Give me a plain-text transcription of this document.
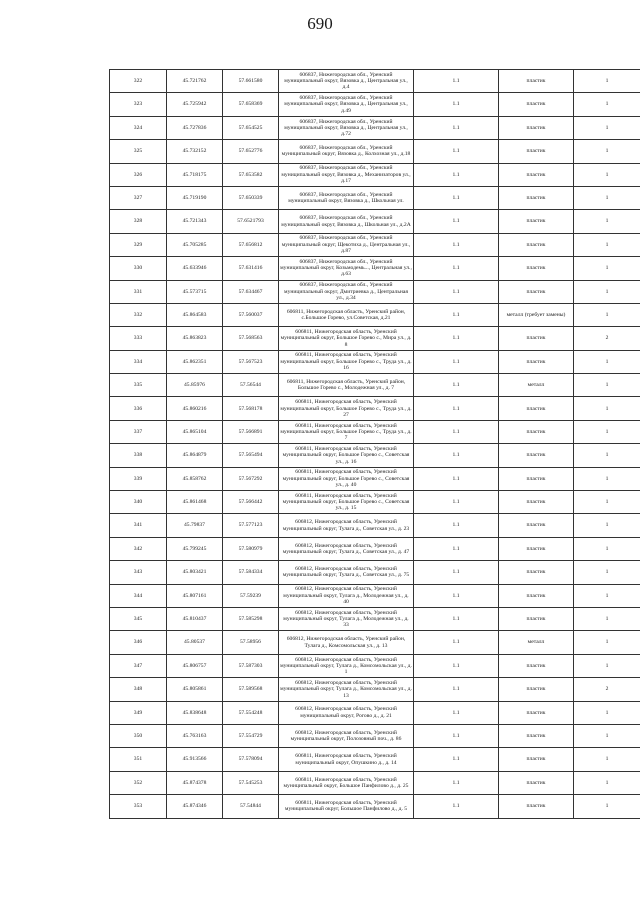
690
322	45.721762	57.661580	606837, Нижегородская обл., Уренский муниципальный округ, Вязовка д., Центральная ул., д.4	1.1	пластик	1
323	45.725942	57.658369	606837, Нижегородская обл., Уренский муниципальный округ, Вязовка д., Центральная ул., д.49	1.1	пластик	1
324	45.727836	57.654525	606837, Нижегородская обл., Уренский муниципальный округ, Вязовка д., Центральная ул., д.72	1.1	пластик	1
325	45.732152	57.652776	606837, Нижегородская обл., Уренский муниципальный округ, Вязовка д., Колхозная ул., д.18	1.1	пластик	1
326	45.718175	57.653582	606837, Нижегородская обл., Уренский муниципальный округ, Вязовка д., Механизаторов ул., д.17	1.1	пластик	1
327	45.719190	57.650339	606837, Нижегородская обл., Уренский муниципальный округ, Вязовка д., Школьная ул.	1.1	пластик	1
328	45.721343	57.6521793	606837, Нижегородская обл., Уренский муниципальный округ, Вязовка д., Школьная ул., д.2А	1.1	пластик	1
329	45.705285	57.656812	606837, Нижегородская обл., Уренский муниципальный округ, Щекотиха д., Центральная ул., д.87	1.1	пластик	1
330	45.633946	57.631416	606837, Нижегородская обл., Уренский муниципальный округ, Козьмодемь..., Центральная ул., д.63	1.1	пластик	1
331	45.573715	57.634467	606837, Нижегородская обл., Уренский муниципальный округ, Дмитриевка д., Центральная ул., д.34	1.1	пластик	1
332	45.864583	57.560037	606811, Нижегородская область, Уренский район, с.Большое Горево, ул.Советская, д.21	1.1	металл (требует замены)	1
333	45.863823	57.568563	606811, Нижегородская область, Уренский муниципальный округ, Большое Горево с., Мира ул., д. 8	1.1	пластик	2
334	45.862351	57.567523	606811, Нижегородская область, Уренский муниципальный округ, Большое Горево с., Труда ул., д. 16	1.1	пластик	1
335	45.85976	57.56544	606811, Нижегородская область, Уренский район, Большое Горево с., Молодежная ул., д. 7	1.1	металл	1
336	45.860216	57.568178	606811, Нижегородская область, Уренский муниципальный округ, Большое Горево с., Труда ул., д. 27	1.1	пластик	1
337	45.865104	57.566891	606811, Нижегородская область, Уренский муниципальный округ, Большое Горево с., Труда ул., д. 7	1.1	пластик	1
338	45.864879	57.565494	606811, Нижегородская область, Уренский муниципальный округ, Большое Горево с., Советская ул., д. 16	1.1	пластик	1
339	45.858762	57.567292	606811, Нижегородская область, Уренский муниципальный округ, Большое Горево с., Советская ул., д. 40	1.1	пластик	1
340	45.861468	57.566442	606811, Нижегородская область, Уренский муниципальный округ, Большое Горево с., Советская ул., д. 15	1.1	пластик	1
341	45.79837	57.577123	606812, Нижегородская область, Уренский муниципальный округ, Тулага д., Советская ул., д. 23	1.1	пластик	1
342	45.799245	57.580979	606812, Нижегородская область, Уренский муниципальный округ, Тулага д., Советская ул., д. 47	1.1	пластик	1
343	45.803421	57.584334	606812, Нижегородская область, Уренский муниципальный округ, Тулага д., Советская ул., д. 75	1.1	пластик	1
344	45.807161	57.59239	606812, Нижегородская область, Уренский муниципальный округ, Тулага д., Молодежная ул., д. 40	1.1	пластик	1
345	45.810437	57.585298	606812, Нижегородская область, Уренский муниципальный округ, Тулага д., Молодежная ул., д. 33	1.1	пластик	1
346	45.80537	57.58956	606812, Нижегородская область, Уренский район, Тулага д., Комсомольская ул., д. 13	1.1	металл	1
347	45.806757	57.587303	606812, Нижегородская область, Уренский муниципальный округ, Тулага д., Комсомольская ул., д. 1	1.1	пластик	1
348	45.805861	57.589568	606812, Нижегородская область, Уренский муниципальный округ, Тулага д., Комсомольская ул., д. 13	1.1	пластик	2
349	45.838648	57.554248	606812, Нижегородская область, Уренский муниципальный округ, Рогово д., д. 21	1.1	пластик	1
350	45.763163	57.554729	606812, Нижегородская область, Уренский муниципальный округ, Полозовный поч., д. 86	1.1	пластик	1
351	45.913566	57.578094	606811, Нижегородская область, Уренский муниципальный округ, Опушкино д., д. 14	1.1	пластик	1
352	45.874378	57.545253	606811, Нижегородская область, Уренский муниципальный округ, Большое Панфилово д., д. 25	1.1	пластик	1
353	45.874346	57.54844	606811, Нижегородская область, Уренский муниципальный округ, Большое Панфилово д., д. 5	1.1	пластик	1
